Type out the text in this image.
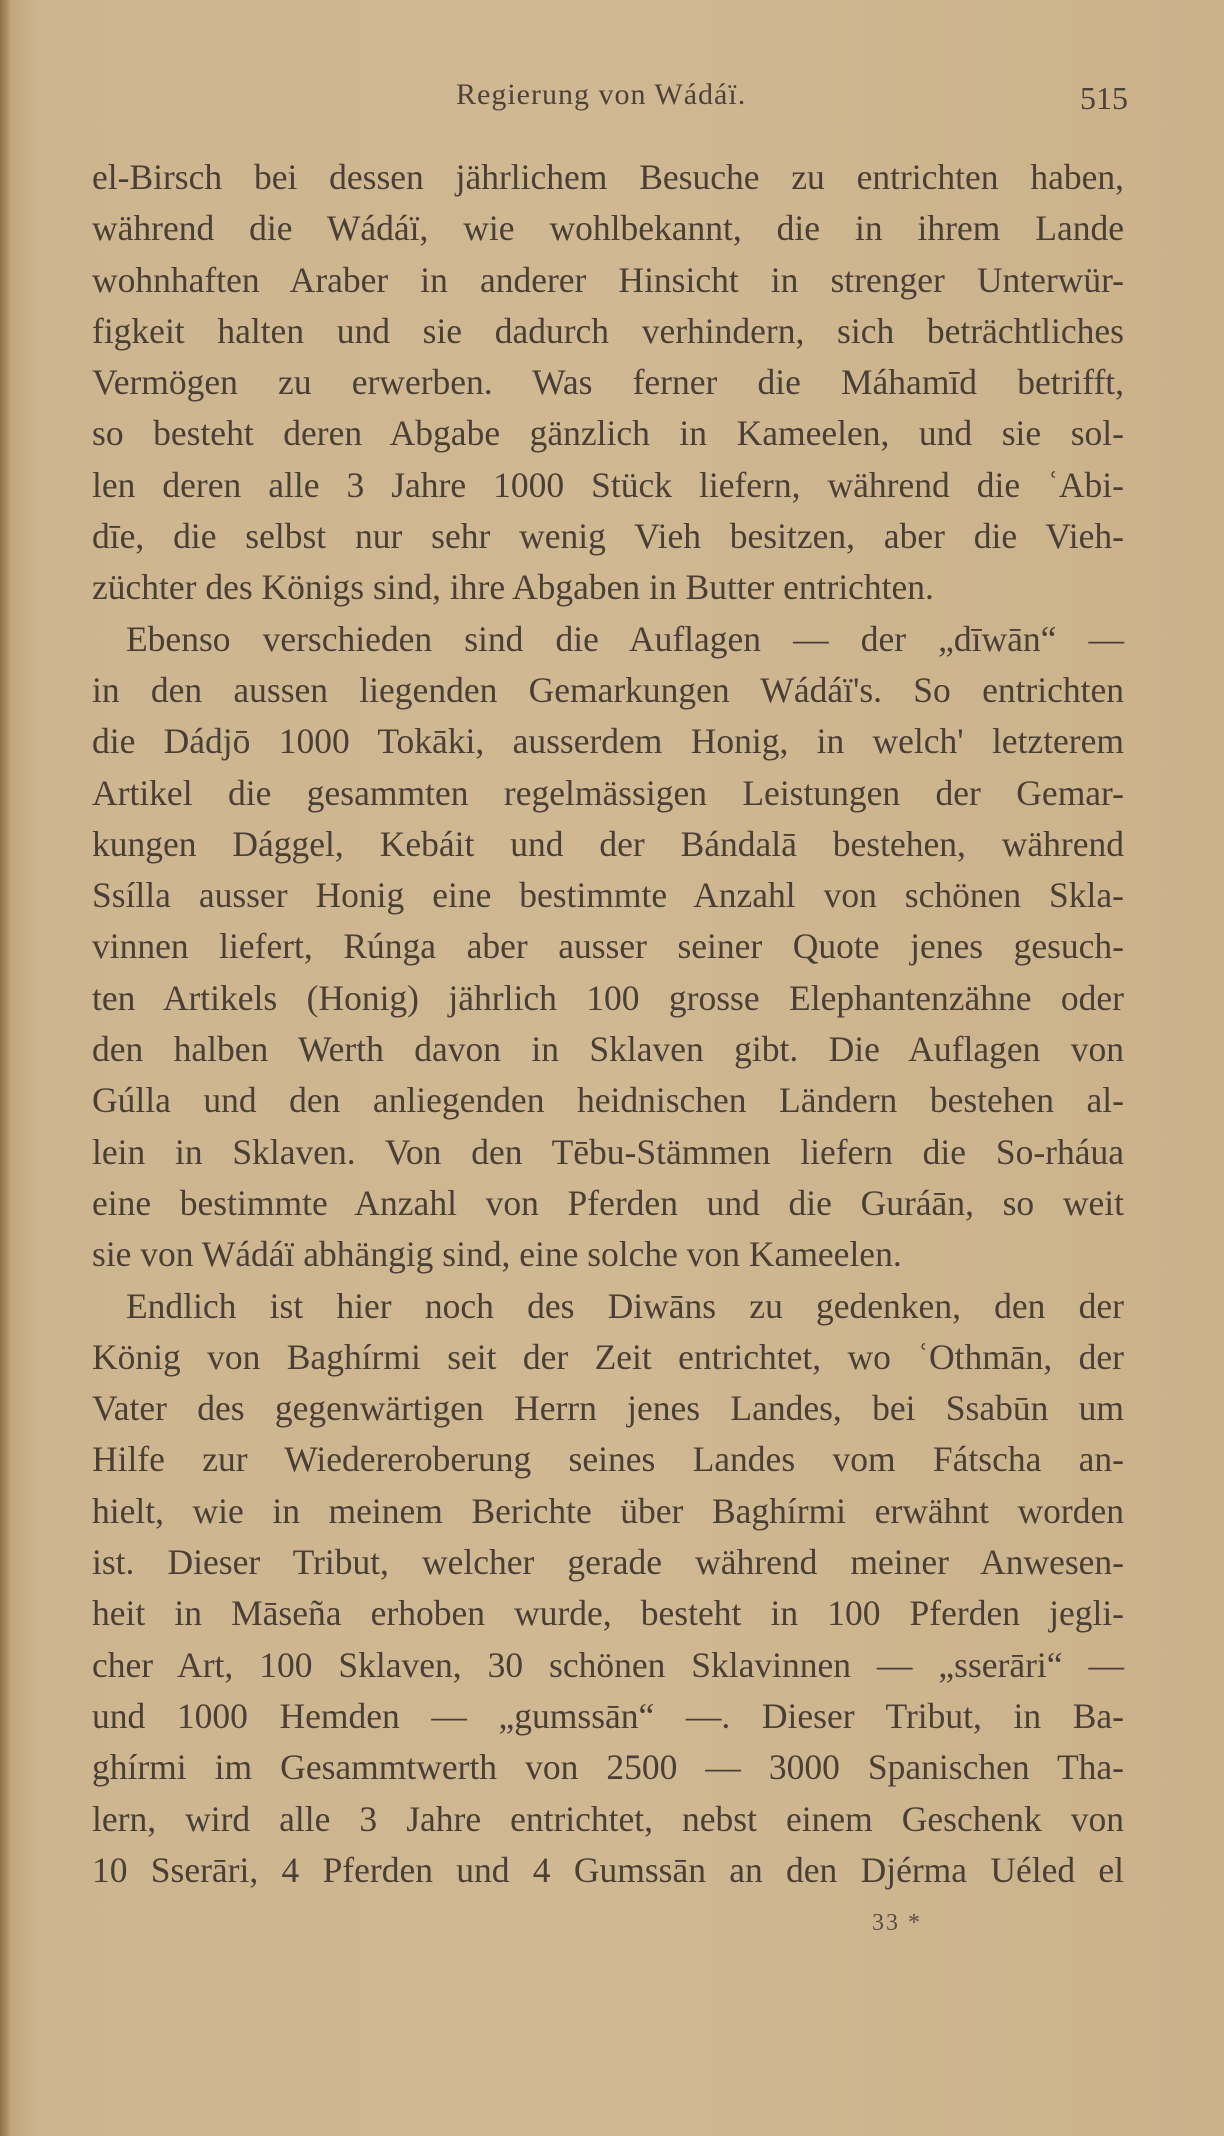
Regierung von Wádáï.	515
el-Birsch bei dessen jährlichem Besuche zu entrichten haben,
während die Wádáï, wie wohlbekannt, die in ihrem Lande
wohnhaften Araber in anderer Hinsicht in strenger Unterwür-
figkeit halten und sie dadurch verhindern, sich beträchtliches
Vermögen zu erwerben. Was ferner die Máhamīd betrifft,
so besteht deren Abgabe gänzlich in Kameelen, und sie sol-
len deren alle 3 Jahre 1000 Stück liefern, während die ʿAbi-
dīe, die selbst nur sehr wenig Vieh besitzen, aber die Vieh-
züchter des Königs sind, ihre Abgaben in Butter entrichten.
Ebenso verschieden sind die Auflagen — der „dīwān“ —
in den aussen liegenden Gemarkungen Wádáï's. So entrichten
die Dádjō 1000 Tokāki, ausserdem Honig, in welch' letzterem
Artikel die gesammten regelmässigen Leistungen der Gemar-
kungen Dággel, Kebáit und der Bándalā bestehen, während
Ssílla ausser Honig eine bestimmte Anzahl von schönen Skla-
vinnen liefert, Rúnga aber ausser seiner Quote jenes gesuch-
ten Artikels (Honig) jährlich 100 grosse Elephantenzähne oder
den halben Werth davon in Sklaven gibt. Die Auflagen von
Gúlla und den anliegenden heidnischen Ländern bestehen al-
lein in Sklaven. Von den Tēbu-Stämmen liefern die So-rháua
eine bestimmte Anzahl von Pferden und die Guráān, so weit
sie von Wádáï abhängig sind, eine solche von Kameelen.
Endlich ist hier noch des Diwāns zu gedenken, den der
König von Baghírmi seit der Zeit entrichtet, wo ʿOthmān, der
Vater des gegenwärtigen Herrn jenes Landes, bei Ssabūn um
Hilfe zur Wiedereroberung seines Landes vom Fátscha an-
hielt, wie in meinem Berichte über Baghírmi erwähnt worden
ist. Dieser Tribut, welcher gerade während meiner Anwesen-
heit in Māseña erhoben wurde, besteht in 100 Pferden jegli-
cher Art, 100 Sklaven, 30 schönen Sklavinnen — „sserāri“ —
und 1000 Hemden — „gumssān“ —. Dieser Tribut, in Ba-
ghírmi im Gesammtwerth von 2500 — 3000 Spanischen Tha-
lern, wird alle 3 Jahre entrichtet, nebst einem Geschenk von
10 Sserāri, 4 Pferden und 4 Gumssān an den Djérma Uéled el
33 *
